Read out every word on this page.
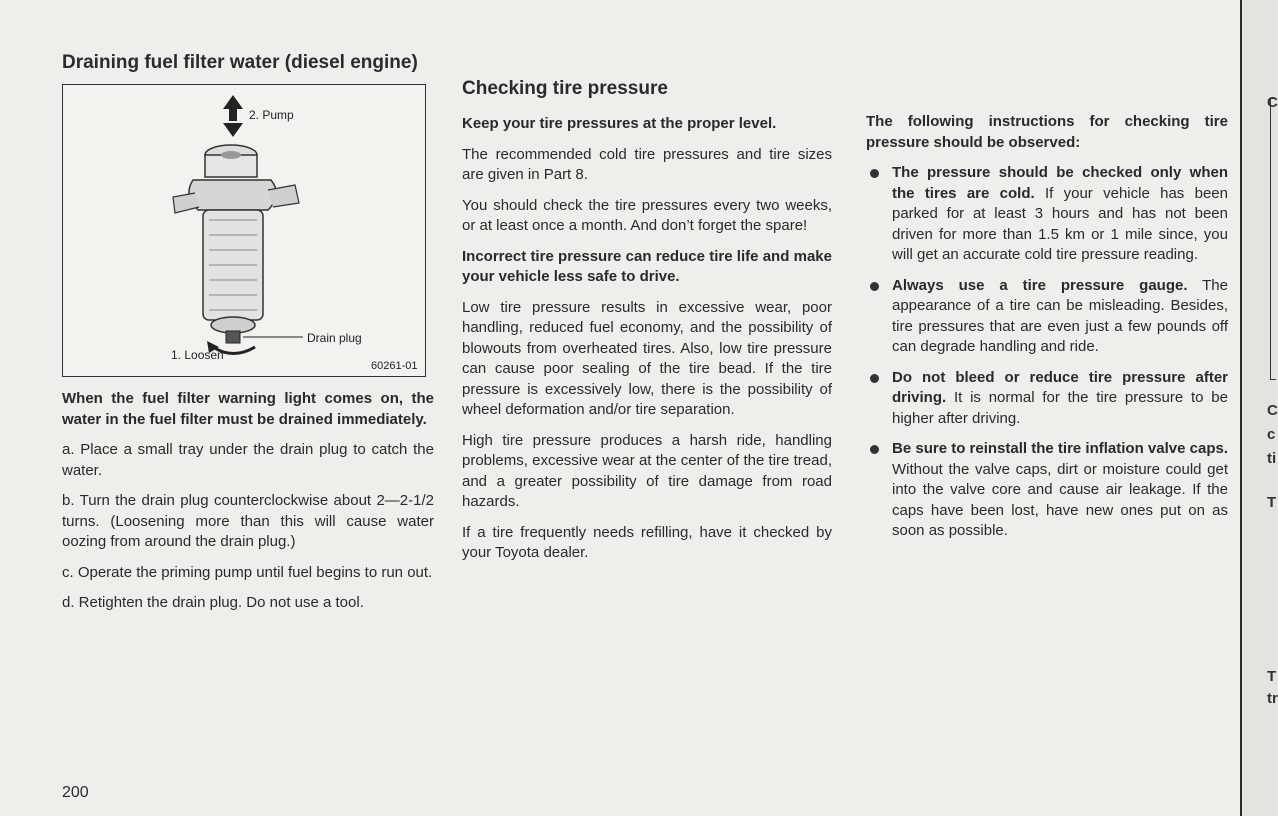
Draining fuel filter water (diesel engine)
2. Pump
Drain plug
1. Loosen
60261-01

When the fuel filter warning light comes on, the water in the fuel filter must be drained immediately.

a. Place a small tray under the drain plug to catch the water.

b. Turn the drain plug counterclockwise about 2—2-1/2 turns. (Loosening more than this will cause water oozing from around the drain plug.)

c. Operate the priming pump until fuel begins to run out.

d. Retighten the drain plug. Do not use a tool.

Checking tire pressure

Keep your tire pressures at the proper level.

The recommended cold tire pressures and tire sizes are given in Part 8.

You should check the tire pressures every two weeks, or at least once a month. And don’t forget the spare!

Incorrect tire pressure can reduce tire life and make your vehicle less safe to drive.

Low tire pressure results in excessive wear, poor handling, reduced fuel economy, and the possibility of blowouts from overheated tires. Also, low tire pressure can cause poor sealing of the tire bead. If the tire pressure is excessively low, there is the possibility of wheel deformation and/or tire separation.

High tire pressure produces a harsh ride, handling problems, excessive wear at the center of the tire tread, and a greater possibility of tire damage from road hazards.

If a tire frequently needs refilling, have it checked by your Toyota dealer.

The following instructions for checking tire pressure should be observed:

The pressure should be checked only when the tires are cold. If your vehicle has been parked for at least 3 hours and has not been driven for more than 1.5 km or 1 mile since, you will get an accurate cold tire pressure reading.
Always use a tire pressure gauge. The appearance of a tire can be misleading. Besides, tire pressures that are even just a few pounds off can degrade handling and ride.
Do not bleed or reduce tire pressure after driving. It is normal for the tire pressure to be higher after driving.
Be sure to reinstall the tire inflation valve caps. Without the valve caps, dirt or moisture could get into the valve core and cause air leakage. If the caps have been lost, have new ones put on as soon as possible.
200
C
C
c
ti
T
T
tr
